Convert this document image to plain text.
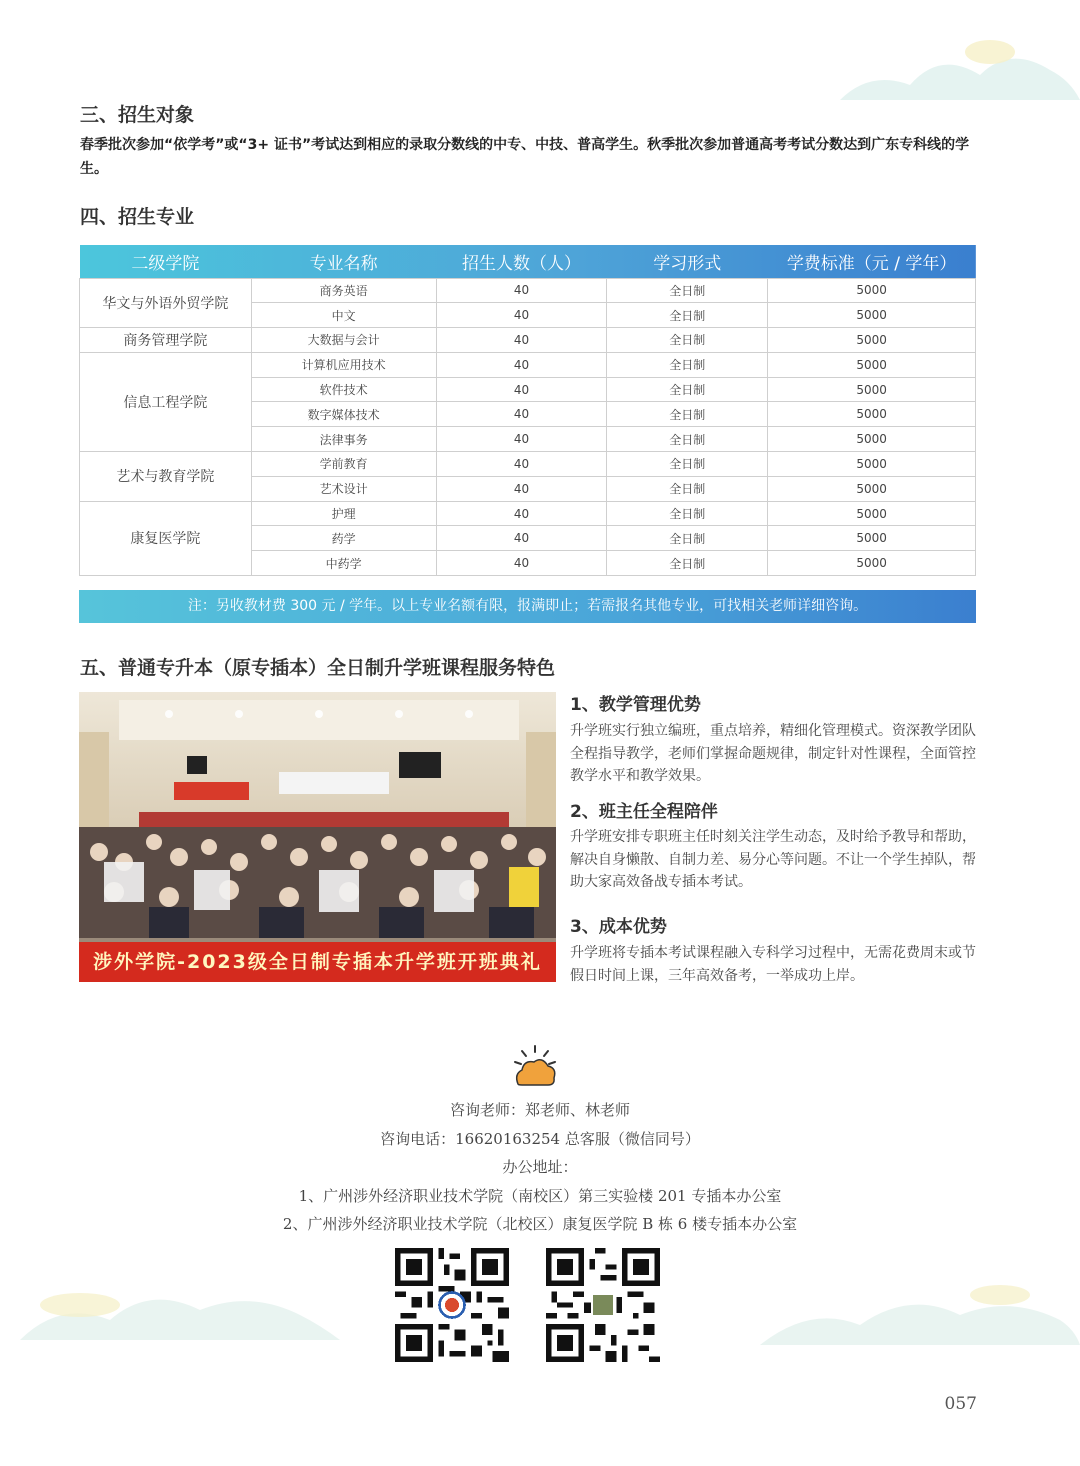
三、招生对象
春季批次参加“依学考”或“3+ 证书”考试达到相应的录取分数线的中专、中技、普高学生。秋季批次参加普通高考考试分数达到广东专科线的学生。
四、招生专业
二级学院	专业名称	招生人数（人）	学习形式	学费标准（元 / 学年）
华文与外语外贸学院	商务英语	40	全日制	5000
	中文	40	全日制	5000
商务管理学院	大数据与会计	40	全日制	5000
信息工程学院	计算机应用技术	40	全日制	5000
	软件技术	40	全日制	5000
	数字媒体技术	40	全日制	5000
	法律事务	40	全日制	5000
艺术与教育学院	学前教育	40	全日制	5000
	艺术设计	40	全日制	5000
康复医学院	护理	40	全日制	5000
	药学	40	全日制	5000
	中药学	40	全日制	5000
注：另收教材费 300 元 / 学年。以上专业名额有限，报满即止；若需报名其他专业，可找相关老师详细咨询。
五、普通专升本（原专插本）全日制升学班课程服务特色
涉外学院-2023级全日制专插本升学班开班典礼
1、教学管理优势
升学班实行独立编班，重点培养，精细化管理模式。资深教学团队全程指导教学，老师们掌握命题规律，制定针对性课程，全面管控教学水平和教学效果。
2、班主任全程陪伴
升学班安排专职班主任时刻关注学生动态，及时给予教导和帮助，解决自身懒散、自制力差、易分心等问题。不让一个学生掉队，帮助大家高效备战专插本考试。
3、成本优势
升学班将专插本考试课程融入专科学习过程中，无需花费周末或节假日时间上课，三年高效备考，一举成功上岸。
咨询老师：郑老师、林老师
咨询电话：16620163254 总客服（微信同号）
办公地址：
1、广州涉外经济职业技术学院（南校区）第三实验楼 201 专插本办公室
2、广州涉外经济职业技术学院（北校区）康复医学院 B 栋 6 楼专插本办公室
057
